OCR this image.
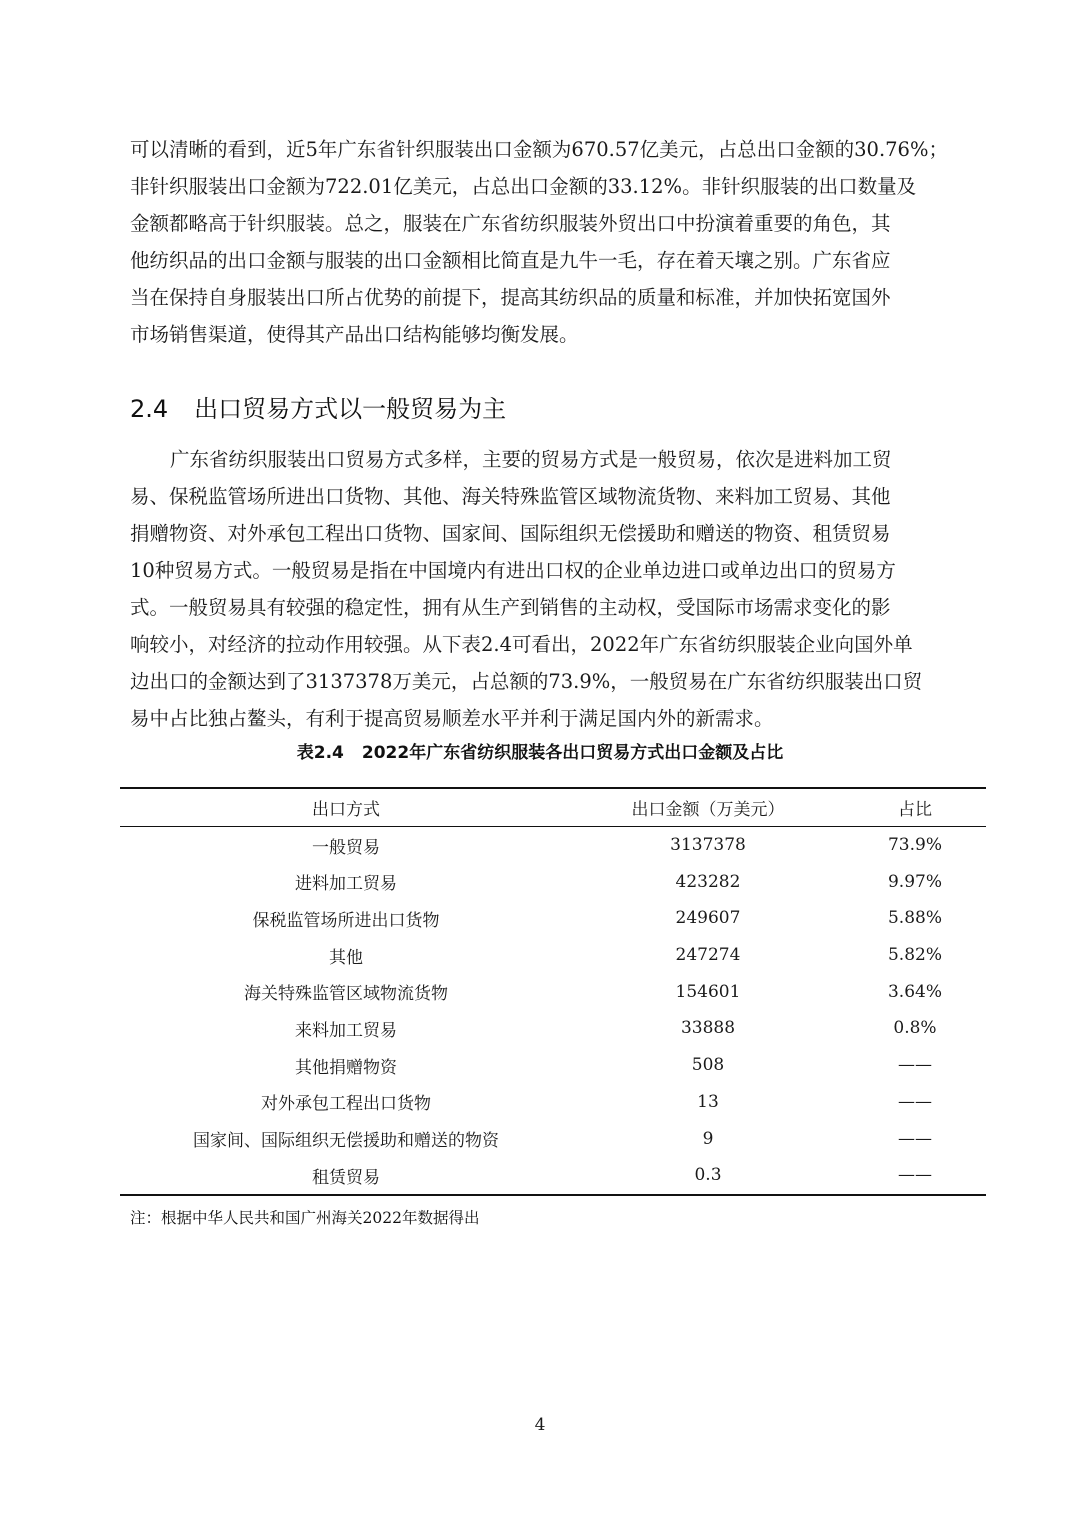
可以清晰的看到，近5年广东省针织服装出口金额为670.57亿美元，占总出口金额的30.76%；
非针织服装出口金额为722.01亿美元，占总出口金额的33.12%。非针织服装的出口数量及
金额都略高于针织服装。总之，服装在广东省纺织服装外贸出口中扮演着重要的角色，其
他纺织品的出口金额与服装的出口金额相比简直是九牛一毛，存在着天壤之别。广东省应
当在保持自身服装出口所占优势的前提下，提高其纺织品的质量和标准，并加快拓宽国外
市场销售渠道，使得其产品出口结构能够均衡发展。
2.4 出口贸易方式以一般贸易为主
广东省纺织服装出口贸易方式多样，主要的贸易方式是一般贸易，依次是进料加工贸
易、保税监管场所进出口货物、其他、海关特殊监管区域物流货物、来料加工贸易、其他
捐赠物资、对外承包工程出口货物、国家间、国际组织无偿援助和赠送的物资、租赁贸易
10种贸易方式。一般贸易是指在中国境内有进出口权的企业单边进口或单边出口的贸易方
式。一般贸易具有较强的稳定性，拥有从生产到销售的主动权，受国际市场需求变化的影
响较小，对经济的拉动作用较强。从下表2.4可看出，2022年广东省纺织服装企业向国外单
边出口的金额达到了3137378万美元，占总额的73.9%，一般贸易在广东省纺织服装出口贸
易中占比独占鳌头，有利于提高贸易顺差水平并利于满足国内外的新需求。

表2.4 2022年广东省纺织服装各出口贸易方式出口金额及占比

出口方式	出口金额（万美元）	占比
一般贸易	3137378	73.9%
进料加工贸易	423282	9.97%
保税监管场所进出口货物	249607	5.88%
其他	247274	5.82%
海关特殊监管区域物流货物	154601	3.64%
来料加工贸易	33888	0.8%
其他捐赠物资	508	——
对外承包工程出口货物	13	——
国家间、国际组织无偿援助和赠送的物资	9	——
租赁贸易	0.3	——

注：根据中华人民共和国广州海关2022年数据得出

4
